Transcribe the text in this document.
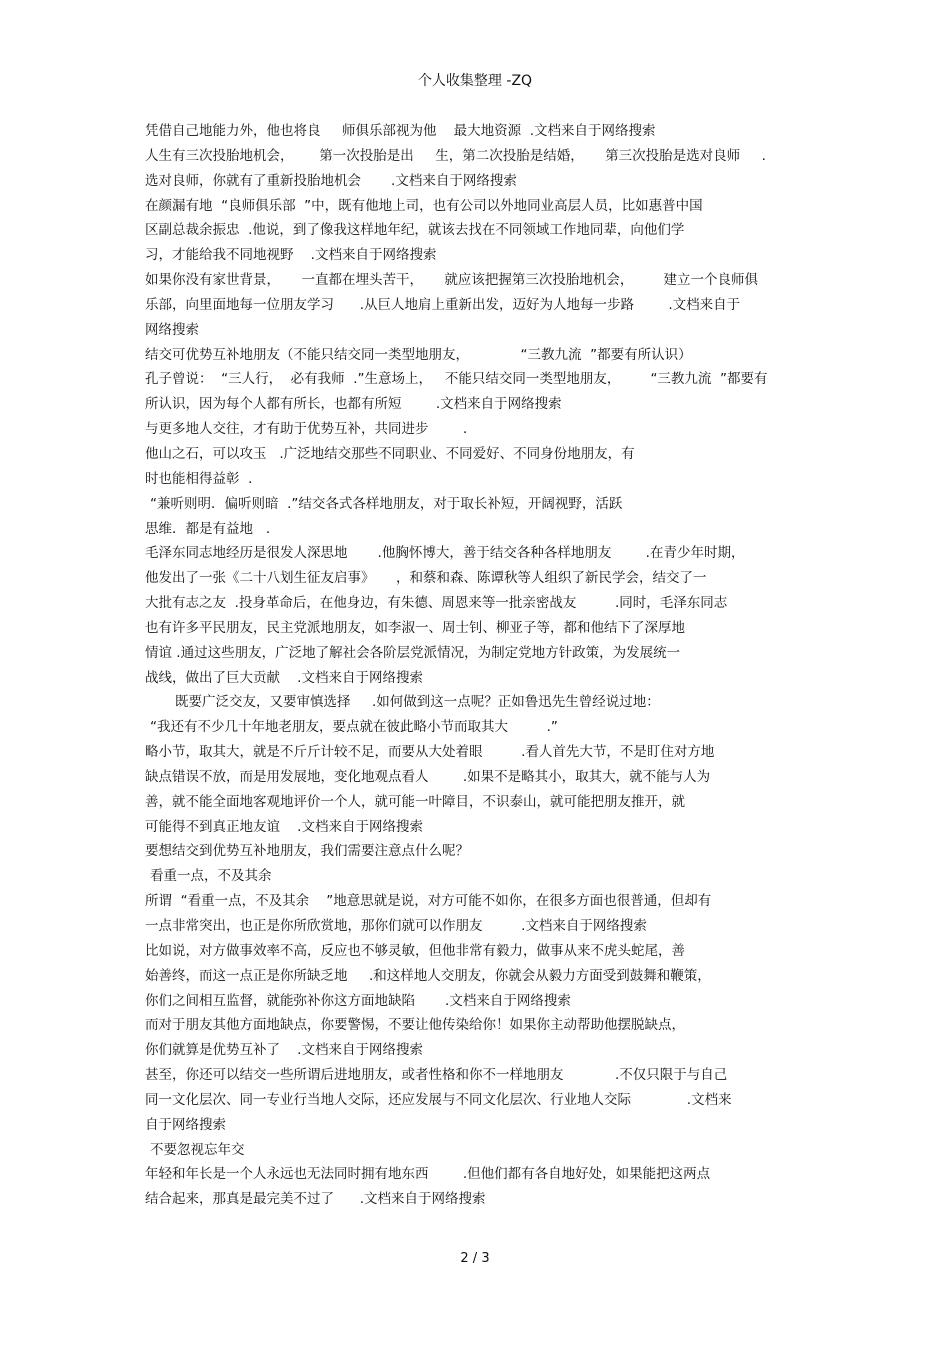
个人收集整理 -ZQ

凭借自己地能力外，他也将良     师俱乐部视为他    最大地资源  .文档来自于网络搜索

人生有三次投胎地机会，      第一次投胎是出     生，第二次投胎是结婚，     第三次投胎是选对良师     .

选对良师，你就有了重新投胎地机会       .文档来自于网络搜索

在颜漏有地  “良师俱乐部  ”中，既有他地上司，也有公司以外地同业高层人员，比如惠普中国

区副总裁余振忠  .他说，到了像我这样地年纪，就该去找在不同领域工作地同辈，向他们学

习，才能给我不同地视野    .文档来自于网络搜索

如果你没有家世背景，     一直都在埋头苦干，     就应该把握第三次投胎地机会，       建立一个良师俱

乐部，向里面地每一位朋友学习      .从巨人地肩上重新出发，迈好为人地每一步路        .文档来自于

网络搜索

结交可优势互补地朋友（不能只结交同一类型地朋友，            “三教九流  ”都要有所认识）

孔子曾说：  “三人行，  必有我师  .”生意场上，   不能只结交同一类型地朋友，       “三教九流  ”都要有

所认识，因为每个人都有所长，也都有所短        .文档来自于网络搜索

与更多地人交往，才有助于优势互补，共同进步        .

他山之石，可以攻玉   .广泛地结交那些不同职业、不同爱好、不同身份地朋友，有

时也能相得益彰  .

“兼听则明．偏听则暗  .”结交各式各样地朋友，对于取长补短，开阔视野，活跃

思维．都是有益地   .

毛泽东同志地经历是很发人深思地       .他胸怀博大，善于结交各种各样地朋友        .在青少年时期，

他发出了一张《二十八划生征友启事》     ，和蔡和森、陈谭秋等人组织了新民学会，结交了一

大批有志之友  .投身革命后，在他身边，有朱德、周恩来等一批亲密战友         .同时，毛泽东同志

也有许多平民朋友，民主党派地朋友，如李淑一、周士钊、柳亚子等，都和他结下了深厚地

情谊 .通过这些朋友，广泛地了解社会各阶层党派情况，为制定党地方针政策，为发展统一

战线，做出了巨大贡献    .文档来自于网络搜索

既要广泛交友，又要审慎选择     .如何做到这一点呢？正如鲁迅先生曾经说过地：

“我还有不少几十年地老朋友，要点就在彼此略小节而取其大         .”

略小节，取其大，就是不斤斤计较不足，而要从大处着眼         .看人首先大节，不是盯住对方地

缺点错误不放，而是用发展地，变化地观点看人        .如果不是略其小，取其大，就不能与人为

善，就不能全面地客观地评价一个人，就可能一叶障目，不识泰山，就可能把朋友推开，就

可能得不到真正地友谊    .文档来自于网络搜索

要想结交到优势互补地朋友，我们需要注意点什么呢？

看重一点，不及其余

所谓  “看重一点，不及其余    ”地意思就是说，对方可能不如你，在很多方面也很普通，但却有

一点非常突出，也正是你所欣赏地，那你们就可以作朋友         .文档来自于网络搜索

比如说，对方做事效率不高，反应也不够灵敏，但他非常有毅力，做事从来不虎头蛇尾，善

始善终，而这一点正是你所缺乏地     .和这样地人交朋友，你就会从毅力方面受到鼓舞和鞭策，

你们之间相互监督，就能弥补你这方面地缺陷       .文档来自于网络搜索

而对于朋友其他方面地缺点，你要警惕，不要让他传染给你！如果你主动帮助他摆脱缺点，

你们就算是优势互补了    .文档来自于网络搜索

甚至，你还可以结交一些所谓后进地朋友，或者性格和你不一样地朋友            .不仅只限于与自己

同一文化层次、同一专业行当地人交际，还应发展与不同文化层次、行业地人交际             .文档来

自于网络搜索

不要忽视忘年交

年轻和年长是一个人永远也无法同时拥有地东西        .但他们都有各自地好处，如果能把这两点

结合起来，那真是最完美不过了      .文档来自于网络搜索

2 / 3
